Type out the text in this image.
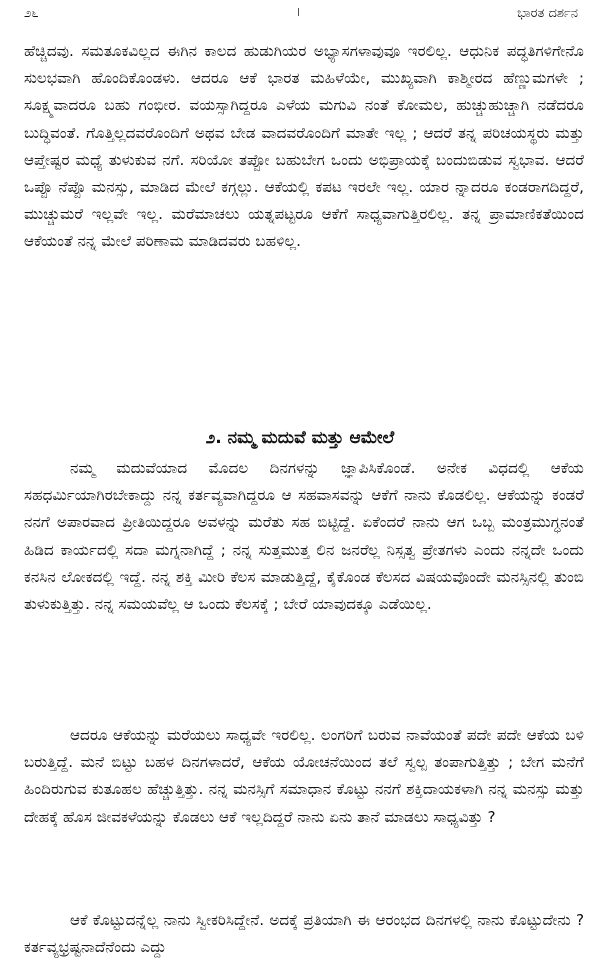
೨೬	ಭಾರತ ದರ್ಶನ

ಹೆಚ್ಚಿದವು. ಸಮತೂಕವಿಲ್ಲದ ಈಗಿನ ಕಾಲದ ಹುಡುಗಿಯರ ಅಭ್ಯಾಸಗಳಾವುವೂ ಇರಲಿಲ್ಲ. ಆಧುನಿಕ ಪದ್ಧತಿಗಳಿಗೇನೊ ಸುಲಭವಾಗಿ ಹೊಂದಿಕೊಂಡಳು. ಆದರೂ ಆಕೆ ಭಾರತ ಮಹಿಳೆಯೇ, ಮುಖ್ಯವಾಗಿ ಕಾಶ್ಮೀರದ ಹೆಣ್ಣುಮಗಳೇ ; ಸೂಕ್ಷ್ಮವಾದರೂ ಬಹು ಗಂಭೀರ. ವಯಸ್ಸಾಗಿದ್ದರೂ ಎಳೆಯ ಮಗುವಿ ನಂತೆ ಕೋಮಲ, ಹುಚ್ಚುಹುಚ್ಚಾಗಿ ನಡೆದರೂ ಬುದ್ಧಿವಂತೆ. ಗೊತ್ತಿಲ್ಲದವರೊಂದಿಗೆ ಅಥವ ಬೇಡ ವಾದವರೊಂದಿಗೆ ಮಾತೇ ಇಲ್ಲ ; ಆದರೆ ತನ್ನ ಪರಿಚಯಸ್ಥರು ಮತ್ತು ಆಪ್ತೇಷ್ಟರ ಮಧ್ಯೆ ತುಳುಕುವ ನಗೆ. ಸರಿಯೋ ತಪ್ಪೋ ಬಹುಬೇಗ ಒಂದು ಅಭಿಪ್ರಾಯಕ್ಕೆ ಬಂದುಬಿಡುವ ಸ್ವಭಾವ. ಆದರೆ ಒಪ್ಪೊ ನೆಪ್ಪೊ ಮನಸ್ಸು, ಮಾಡಿದ ಮೇಲೆ ಕಗ್ಗಲ್ಲು. ಆಕೆಯಲ್ಲಿ ಕಪಟ ಇರಲೇ ಇಲ್ಲ. ಯಾರ ನ್ನಾದರೂ ಕಂಡರಾಗದಿದ್ದರೆ, ಮುಚ್ಚುಮರೆ ಇಲ್ಲವೇ ಇಲ್ಲ. ಮರೆಮಾಚಲು ಯತ್ನಪಟ್ಟರೂ ಆಕೆಗೆ ಸಾಧ್ಯವಾಗುತ್ತಿರಲಿಲ್ಲ. ತನ್ನ ಪ್ರಾಮಾಣಿಕತೆಯಿಂದ ಆಕೆಯಂತೆ ನನ್ನ ಮೇಲೆ ಪರಿಣಾಮ ಮಾಡಿದವರು ಬಹಳಿಲ್ಲ.

೨. ನಮ್ಮ ಮದುವೆ ಮತ್ತು ಆಮೇಲೆ

ನಮ್ಮ ಮದುವೆಯಾದ ಮೊದಲ ದಿನಗಳನ್ನು ಜ್ಞಾಪಿಸಿಕೊಂಡೆ. ಅನೇಕ ವಿಧದಲ್ಲಿ ಆಕೆಯ ಸಹಧರ್ಮಿಯಾಗಿರಬೇಕಾದ್ದು ನನ್ನ ಕರ್ತವ್ಯವಾಗಿದ್ದರೂ ಆ ಸಹವಾಸವನ್ನು ಆಕೆಗೆ ನಾನು ಕೊಡಲಿಲ್ಲ. ಆಕೆಯನ್ನು ಕಂಡರೆ ನನಗೆ ಅಪಾರವಾದ ಪ್ರೀತಿಯಿದ್ದರೂ ಅವಳನ್ನು ಮರೆತು ಸಹ ಬಿಟ್ಟಿದ್ದೆ. ಏಕೆಂದರೆ ನಾನು ಆಗ ಒಬ್ಬ ಮಂತ್ರಮುಗ್ಧನಂತೆ ಹಿಡಿದ ಕಾರ್ಯದಲ್ಲಿ ಸದಾ ಮಗ್ನನಾಗಿದ್ದೆ ; ನನ್ನ ಸುತ್ತಮುತ್ತ ಲಿನ ಜನರೆಲ್ಲ ನಿಸ್ಸತ್ವ ಪ್ರೇತಗಳು ಎಂದು ನನ್ನದೇ ಒಂದು ಕನಸಿನ ಲೋಕದಲ್ಲಿ ಇದ್ದೆ. ನನ್ನ ಶಕ್ತಿ ಮೀರಿ ಕೆಲಸ ಮಾಡುತ್ತಿದ್ದೆ, ಕೈಕೊಂಡ ಕೆಲಸದ ವಿಷಯವೊಂದೇ ಮನಸ್ಸಿನಲ್ಲಿ ತುಂಬಿ ತುಳುಕುತ್ತಿತ್ತು. ನನ್ನ ಸಮಯವೆಲ್ಲ ಆ ಒಂದು ಕೆಲಸಕ್ಕೆ ; ಬೇರೆ ಯಾವುದಕ್ಕೂ ಎಡೆಯಿಲ್ಲ.

ಆದರೂ ಆಕೆಯನ್ನು ಮರೆಯಲು ಸಾಧ್ಯವೇ ಇರಲಿಲ್ಲ. ಲಂಗರಿಗೆ ಬರುವ ನಾವೆಯಂತೆ ಪದೇ ಪದೇ ಆಕೆಯ ಬಳಿ ಬರುತ್ತಿದ್ದೆ. ಮನೆ ಬಿಟ್ಟು ಬಹಳ ದಿನಗಳಾದರೆ, ಆಕೆಯ ಯೋಚನೆಯಿಂದ ತಲೆ ಸ್ವಲ್ಪ ತಂಪಾಗುತ್ತಿತ್ತು ; ಬೇಗ ಮನೆಗೆ ಹಿಂದಿರುಗುವ ಕುತೂಹಲ ಹೆಚ್ಚುತ್ತಿತ್ತು. ನನ್ನ ಮನಸ್ಸಿಗೆ ಸಮಾಧಾನ ಕೊಟ್ಟು ನನಗೆ ಶಕ್ತಿದಾಯಕಳಾಗಿ ನನ್ನ ಮನಸ್ಸು ಮತ್ತು ದೇಹಕ್ಕೆ ಹೊಸ ಜೀವಕಳೆಯನ್ನು ಕೊಡಲು ಆಕೆ ಇಲ್ಲದಿದ್ದರೆ ನಾನು ಏನು ತಾನೆ ಮಾಡಲು ಸಾಧ್ಯವಿತ್ತು ?

ಆಕೆ ಕೊಟ್ಟುದನ್ನೆಲ್ಲ ನಾನು ಸ್ವೀಕರಿಸಿದ್ದೇನೆ. ಅದಕ್ಕೆ ಪ್ರತಿಯಾಗಿ ಈ ಆರಂಭದ ದಿನಗಳಲ್ಲಿ ನಾನು ಕೊಟ್ಟುದೇನು ? ಕರ್ತವ್ಯಭ್ರಷ್ಟನಾದೆನೆಂದು ಎದ್ದು
